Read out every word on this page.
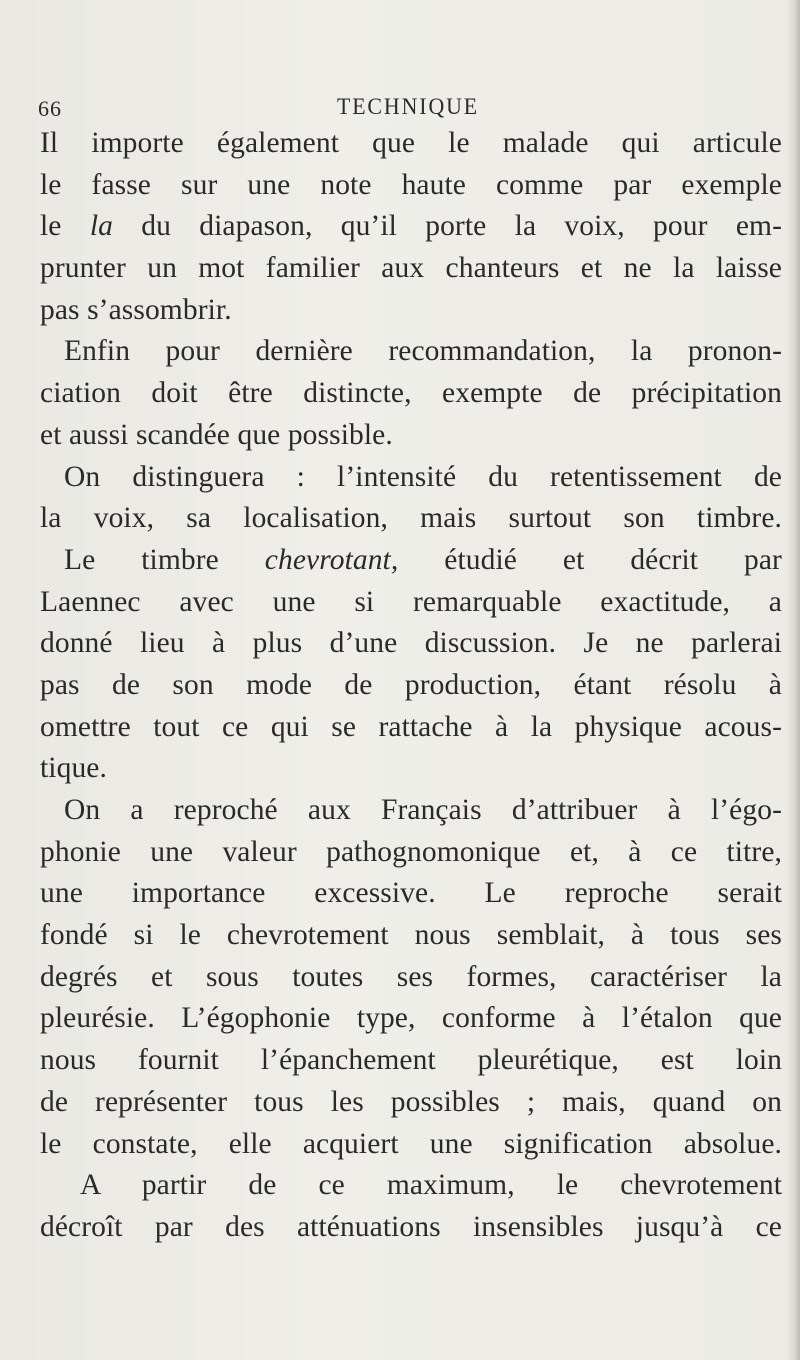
66	TECHNIQUE
Il importe également que le malade qui articule
le fasse sur une note haute comme par exemple
le la du diapason, qu’il porte la voix, pour em-
prunter un mot familier aux chanteurs et ne la laisse
pas s’assombrir.
Enfin pour dernière recommandation, la pronon-
ciation doit être distincte, exempte de précipitation
et aussi scandée que possible.
On distinguera : l’intensité du retentissement de
la voix, sa localisation, mais surtout son timbre.
Le timbre chevrotant, étudié et décrit par
Laennec avec une si remarquable exactitude, a
donné lieu à plus d’une discussion. Je ne parlerai
pas de son mode de production, étant résolu à
omettre tout ce qui se rattache à la physique acous-
tique.
On a reproché aux Français d’attribuer à l’égo-
phonie une valeur pathognomonique et, à ce titre,
une importance excessive. Le reproche serait
fondé si le chevrotement nous semblait, à tous ses
degrés et sous toutes ses formes, caractériser la
pleurésie. L’égophonie type, conforme à l’étalon que
nous fournit l’épanchement pleurétique, est loin
de représenter tous les possibles ; mais, quand on
le constate, elle acquiert une signification absolue.
A partir de ce maximum, le chevrotement
décroît par des atténuations insensibles jusqu’à ce
